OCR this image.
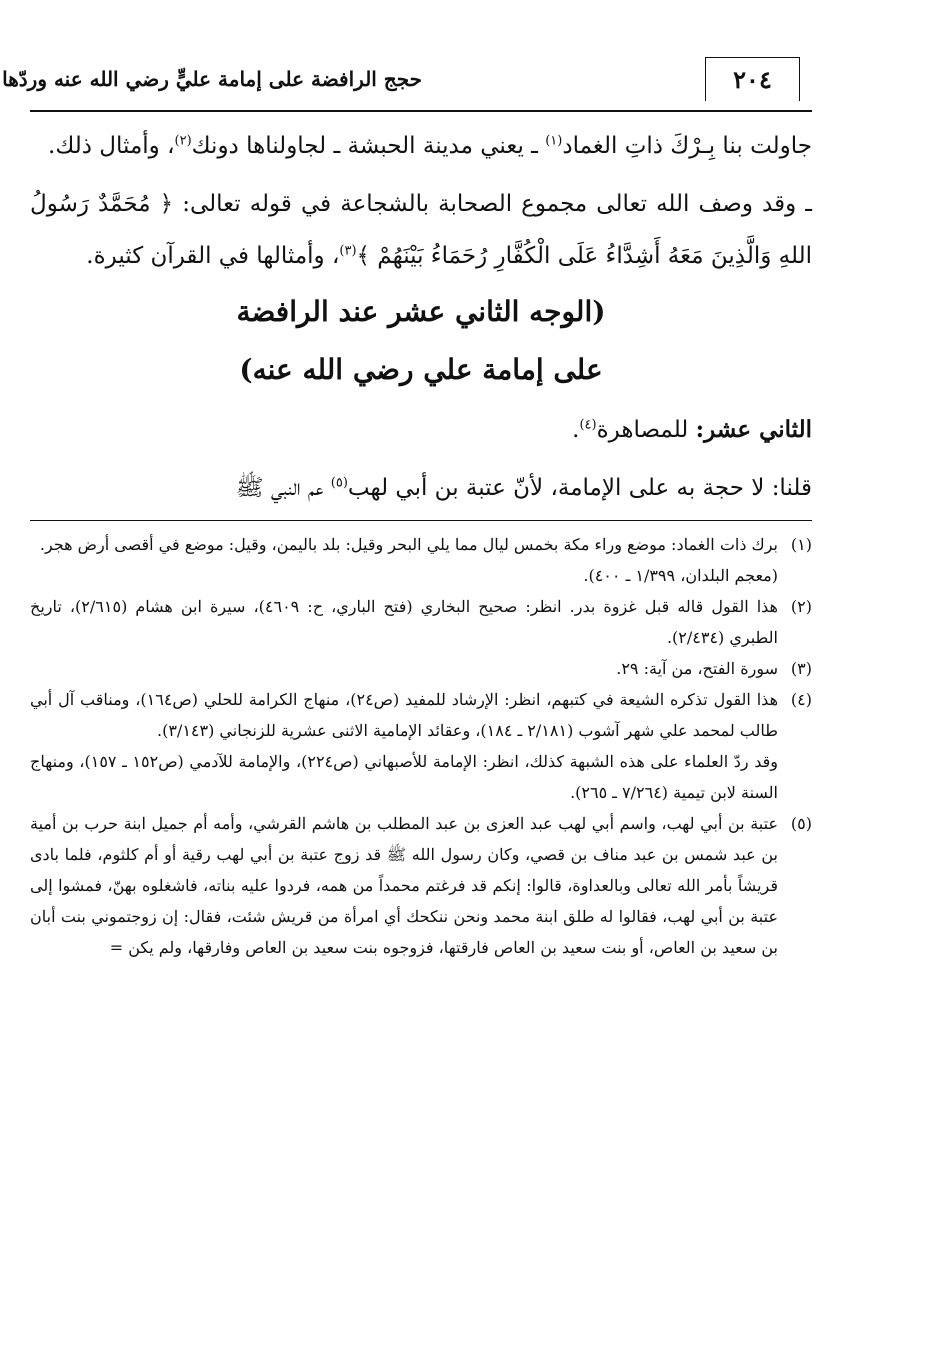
حجج الرافضة على إمامة عليٍّ رضي الله عنه وردّها	٢٠٤

جاولت بنا بِـرْكَ ذاتِ الغماد$^{(١)}$ ـ يعني مدينة الحبشة ـ لجاولناها دونك$^{(٢)}$، وأمثال ذلك.

ـ وقد وصف الله تعالى مجموع الصحابة بالشجاعة في قوله تعالى: ﴿ مُحَمَّدٌ رَسُولُ اللهِ وَالَّذِينَ مَعَهُ أَشِدَّاءُ عَلَى الْكُفَّارِ رُحَمَاءُ بَيْنَهُمْ ﴾$^{(٣)}$، وأمثالها في القرآن كثيرة.

(الوجه الثاني عشر عند الرافضة
على إمامة علي رضي الله عنه)

الثاني عشر: للمصاهرة$^{(٤)}$.

قلنا: لا حجة به على الإمامة، لأنّ عتبة بن أبي لهب$^{(٥)}$ عم النبي ﷺ

(١)
برك ذات الغماد: موضع وراء مكة بخمس ليال مما يلي البحر وقيل: بلد باليمن، وقيل: موضع في أقصى أرض هجر.
(معجم البلدان، ١/٣٩٩ ـ ٤٠٠).
(٢)
هذا القول قاله قبل غزوة بدر. انظر: صحيح البخاري (فتح الباري، ح: ٤٦٠٩)، سيرة ابن هشام (٢/٦١٥)، تاريخ الطبري (٢/٤٣٤).
(٣)
سورة الفتح، من آية: ٢٩.
(٤)
هذا القول تذكره الشيعة في كتبهم، انظر: الإرشاد للمفيد (ص٢٤)، منهاج الكرامة للحلي (ص١٦٤)، ومناقب آل أبي طالب لمحمد علي شهر آشوب (٢/١٨١ ـ ١٨٤)، وعقائد الإمامية الاثنى عشرية للزنجاني (٣/١٤٣).
وقد ردّ العلماء على هذه الشبهة كذلك، انظر: الإمامة للأصبهاني (ص٢٢٤)، والإمامة للآدمي (ص١٥٢ ـ ١٥٧)، ومنهاج السنة لابن تيمية (٧/٢٦٤ ـ ٢٦٥).
(٥)
عتبة بن أبي لهب، واسم أبي لهب عبد العزى بن عبد المطلب بن هاشم القرشي، وأمه أم جميل ابنة حرب بن أمية بن عبد شمس بن عبد مناف بن قصي، وكان رسول الله ﷺ قد زوج عتبة بن أبي لهب رقية أو أم كلثوم، فلما بادى قريشاً بأمر الله تعالى وبالعداوة، قالوا: إنكم قد فرغتم محمداً من همه، فردوا عليه بناته، فاشغلوه بهنّ، فمشوا إلى عتبة بن أبي لهب، فقالوا له طلق ابنة محمد ونحن ننكحك أي امرأة من قريش شئت، فقال: إن زوجتموني بنت أبان بن سعيد بن العاص، أو بنت سعيد بن العاص فارقتها، فزوجوه بنت سعيد بن العاص وفارقها، ولم يكن =
